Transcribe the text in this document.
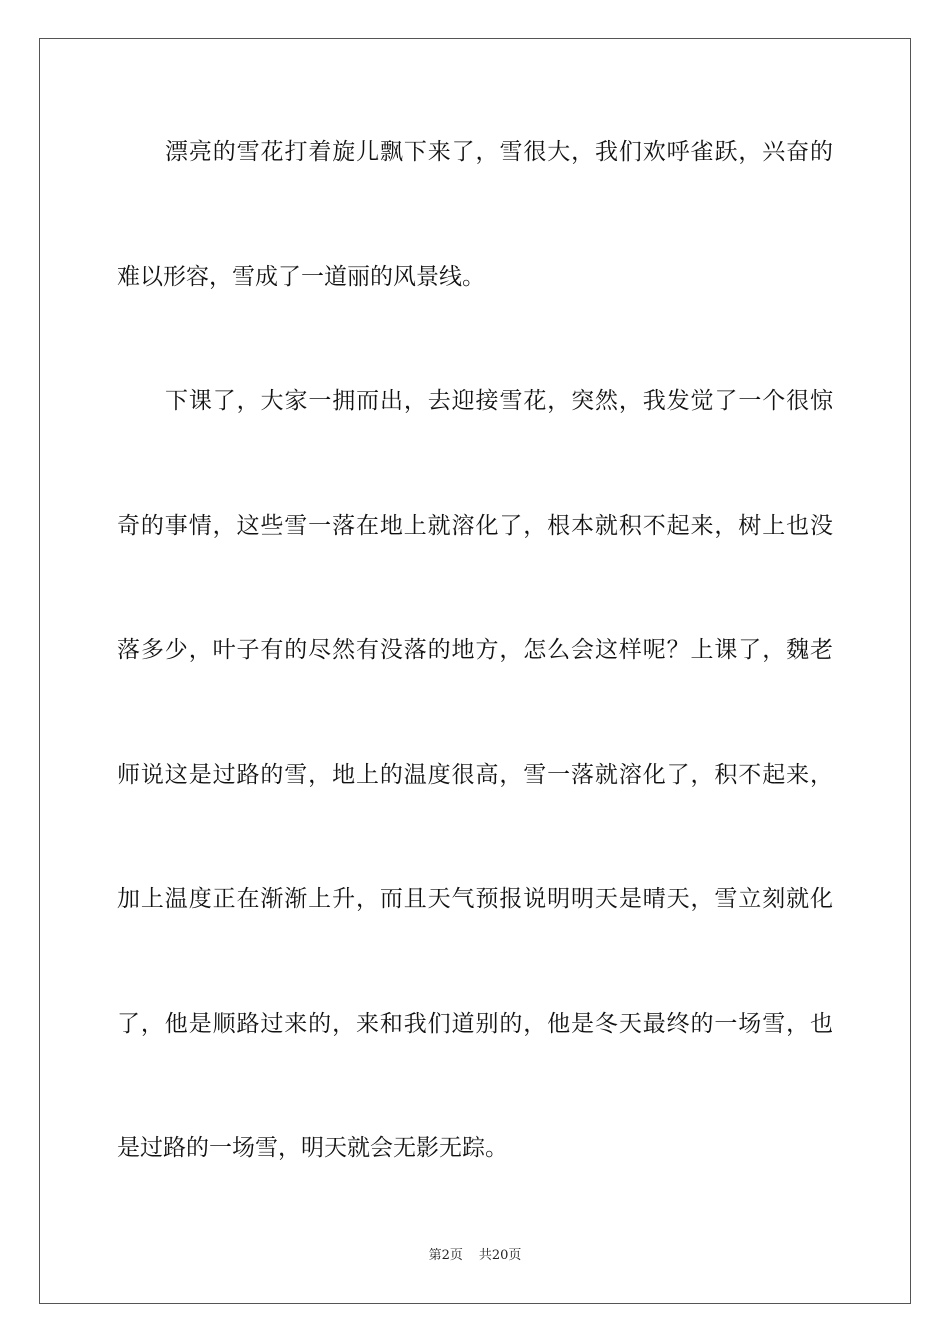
漂亮的雪花打着旋儿飘下来了，雪很大，我们欢呼雀跃，兴奋的
难以形容，雪成了一道丽的风景线。
下课了，大家一拥而出，去迎接雪花，突然，我发觉了一个很惊
奇的事情，这些雪一落在地上就溶化了，根本就积不起来，树上也没
落多少，叶子有的尽然有没落的地方，怎么会这样呢？上课了，魏老
师说这是过路的雪，地上的温度很高，雪一落就溶化了，积不起来，
加上温度正在渐渐上升，而且天气预报说明明天是晴天，雪立刻就化
了，他是顺路过来的，来和我们道别的，他是冬天最终的一场雪，也
是过路的一场雪，明天就会无影无踪。
第2页 共20页
